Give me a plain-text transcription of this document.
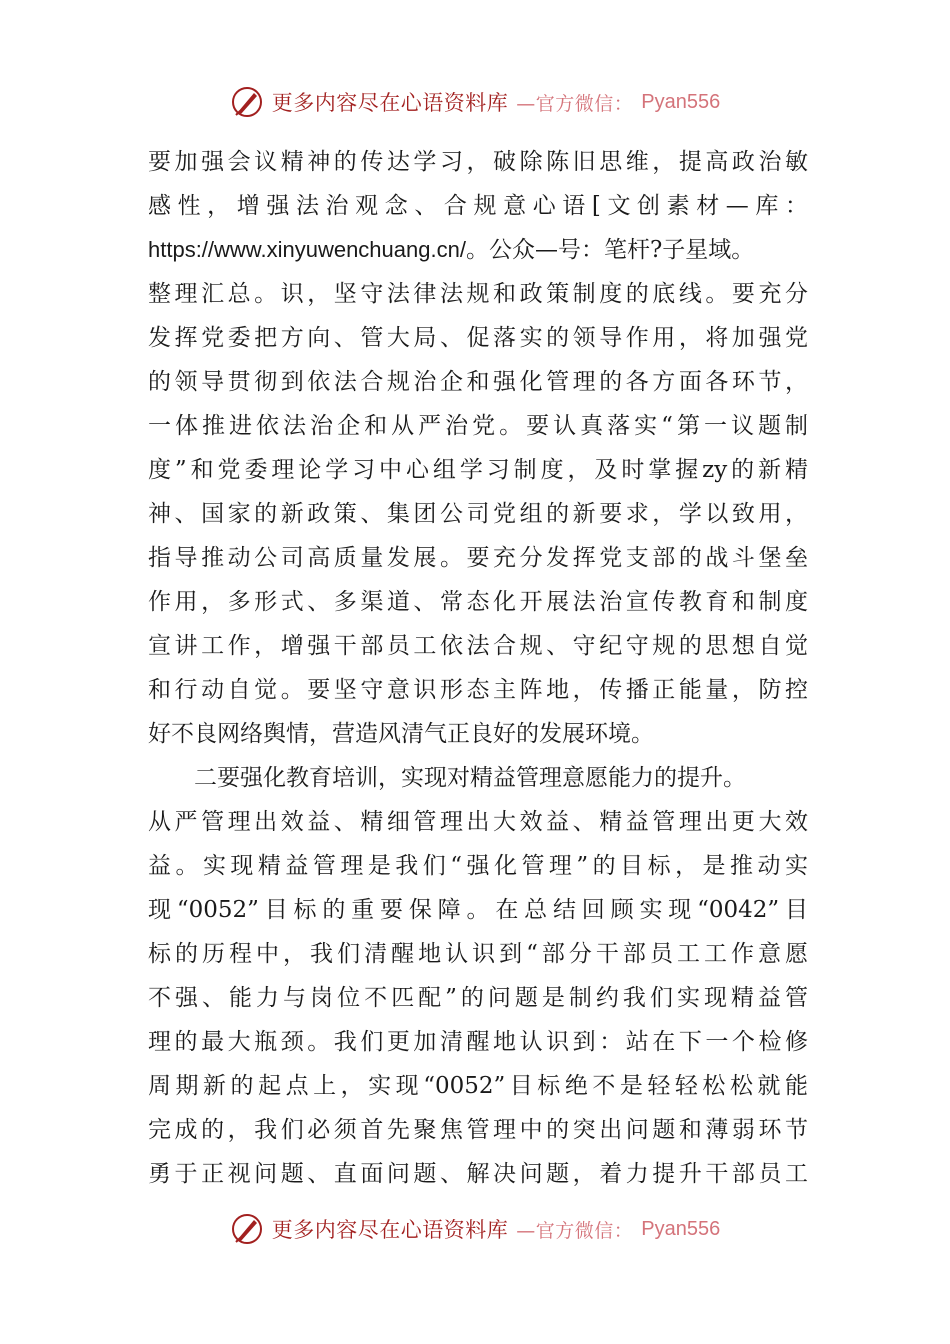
更多内容尽在心语资料库 —官方微信： Pyan556
要加强会议精神的传达学习，破除陈旧思维，提高政治敏
感性，增强法治观念、合规意心语[文创素材—库：
https://www.xinyuwenchuang.cn/。公众—号：笔杆?子星域。
整理汇总。识，坚守法律法规和政策制度的底线。要充分
发挥党委把方向、管大局、促落实的领导作用，将加强党
的领导贯彻到依法合规治企和强化管理的各方面各环节，
一体推进依法治企和从严治党。要认真落实“第一议题制
度”和党委理论学习中心组学习制度，及时掌握zy的新精
神、国家的新政策、集团公司党组的新要求，学以致用，
指导推动公司高质量发展。要充分发挥党支部的战斗堡垒
作用，多形式、多渠道、常态化开展法治宣传教育和制度
宣讲工作，增强干部员工依法合规、守纪守规的思想自觉
和行动自觉。要坚守意识形态主阵地，传播正能量，防控
好不良网络舆情，营造风清气正良好的发展环境。
二要强化教育培训，实现对精益管理意愿能力的提升。
从严管理出效益、精细管理出大效益、精益管理出更大效
益。实现精益管理是我们“强化管理”的目标，是推动实
现“0052”目标的重要保障。在总结回顾实现“0042”目
标的历程中，我们清醒地认识到“部分干部员工工作意愿
不强、能力与岗位不匹配”的问题是制约我们实现精益管
理的最大瓶颈。我们更加清醒地认识到：站在下一个检修
周期新的起点上，实现“0052”目标绝不是轻轻松松就能
完成的，我们必须首先聚焦管理中的突出问题和薄弱环节
勇于正视问题、直面问题、解决问题，着力提升干部员工
更多内容尽在心语资料库 —官方微信： Pyan556
